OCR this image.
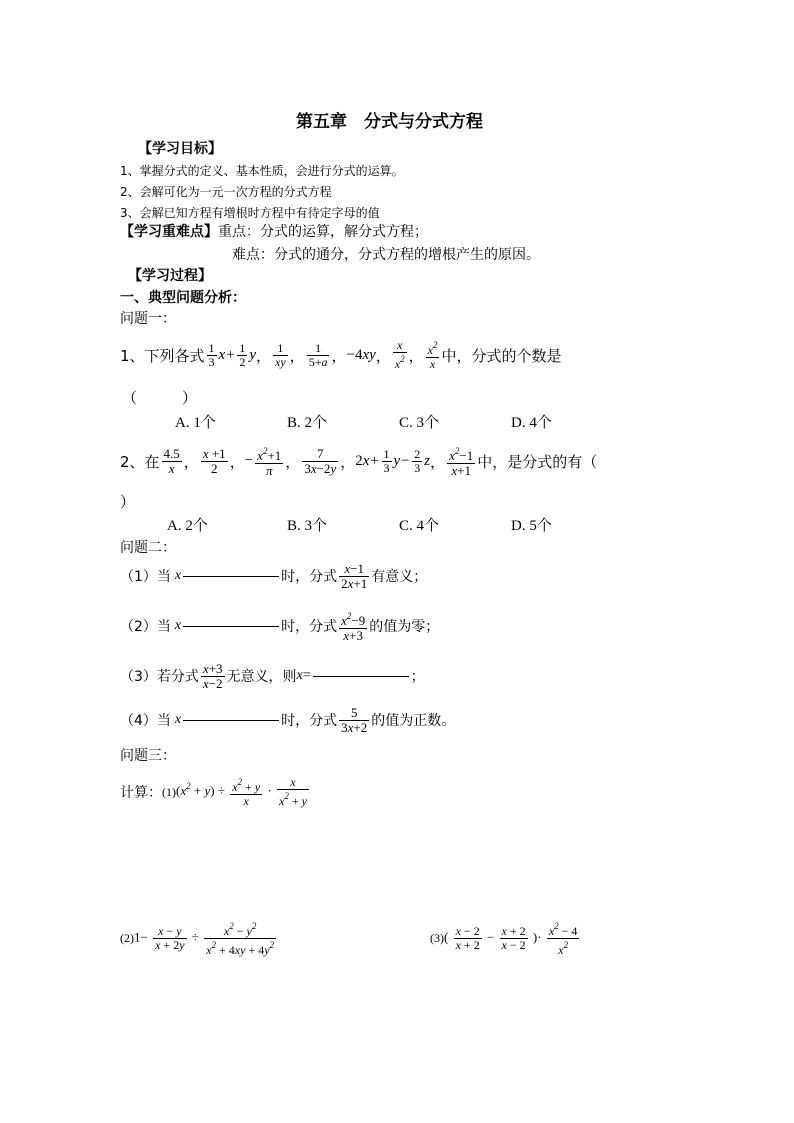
第五章　分式与分式方程
【学习目标】
1、掌握分式的定义、基本性质，会进行分式的运算。
2、会解可化为一元一次方程的分式方程
3、会解已知方程有增根时方程中有待定字母的值
【学习重难点】重点：分式的运算，解分式方程；
难点：分式的通分，分式方程的增根产生的原因。
【学习过程】
一、典型问题分析：
问题一：
1、下列各式 $\frac{1}{3} x+ \frac{1}{2}$ y ， $\frac{1}{xy}$ ， $\frac{1}{5+a}$ ， −4xy ， $\frac{x}{x^2}$ ， $\frac{x^2}{x}$ 中，分式的个数是
（　　　）
A. 1个	B. 2个	C. 3个	D. 4个
2、在 $\frac{4.5}{x}$ ， $\frac{x +1}{2}$ ， − $\frac{x^2+1}{\pi}$ ， $\frac{7}{3x-2y}$ ， $2x+ \frac{1}{3} y- \frac{2}{3}$ z ， $\frac{x^2-1}{x+1}$ 中，是分式的有（
）
A. 2个	B. 3个	C. 4个	D. 5个
问题二：
（1）当 x	时，分式 $\frac{x-1}{2x+1}$ 有意义；
（2）当 x	时，分式 $\frac{x^2-9}{x+3}$ 的值为零；
（3）若分式 $\frac{x+3}{x-2}$ 无意义，则 x =	；
（4）当 x	时，分式 $\frac{5}{3x+2}$ 的值为正数。
问题三：
计算： (1) $(x^2 + y) \div \frac{x^2 + y}{x} \cdot \frac{x}{x^2 + y}$
(2) $1- \frac{x - y}{x + 2y} \div \frac{x^2 - y^2}{x^2 + 4xy + 4y^2}$	(3) ( $\frac{x - 2}{x + 2} - \frac{x + 2}{x - 2}$ )· $\frac{x^2 - 4}{x^2}$
